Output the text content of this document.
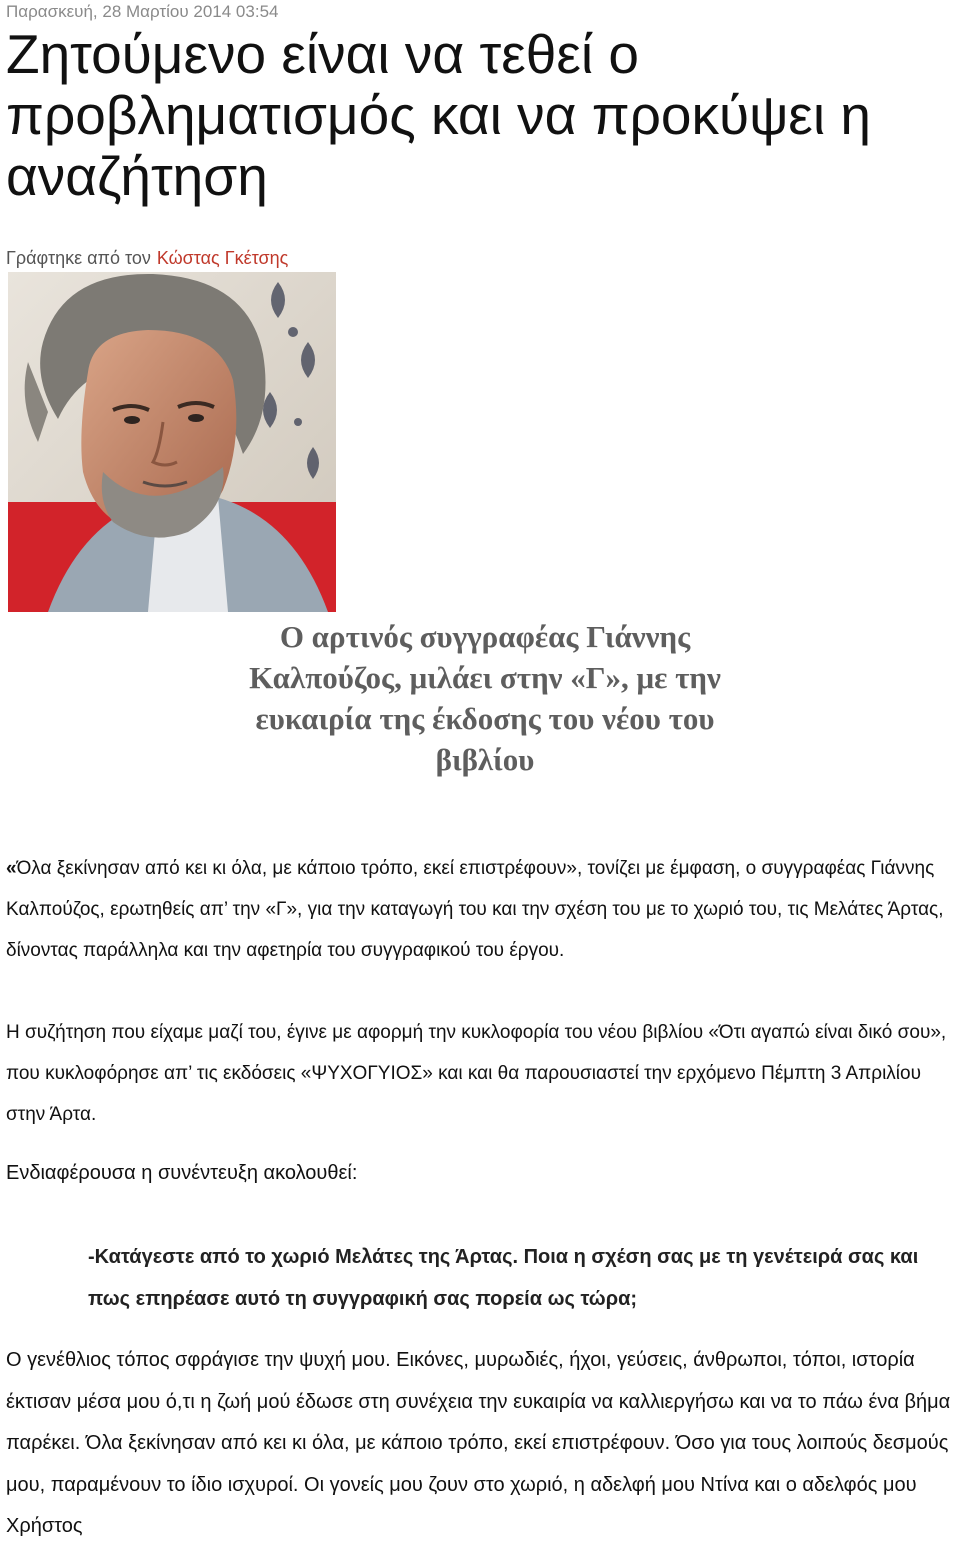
Παρασκευή, 28 Μαρτίου 2014 03:54
Ζητούμενο είναι να τεθεί ο προβληματισμός και να προκύψει η αναζήτηση
Γράφτηκε από τον Κώστας Γκέτσης
Ο αρτινός συγγραφέας Γιάννης Καλπούζος, μιλάει στην «Γ», με την ευκαιρία της έκδοσης του νέου του βιβλίου

«Όλα ξεκίνησαν από κει κι όλα, με κάποιο τρόπο, εκεί επιστρέφουν», τονίζει με έμφαση, ο συγγραφέας Γιάννης Καλπούζος, ερωτηθείς απ’ την «Γ», για την καταγωγή του και την σχέση του με το χωριό του, τις Μελάτες Άρτας, δίνοντας παράλληλα και την αφετηρία του συγγραφικού του έργου.

Η συζήτηση που είχαμε μαζί του, έγινε με αφορμή την κυκλοφορία του νέου βιβλίου «Ότι αγαπώ είναι δικό σου», που κυκλοφόρησε απ’ τις εκδόσεις «ΨΥΧΟΓΥΙΟΣ» και και θα παρουσιαστεί την ερχόμενο Πέμπτη 3 Απριλίου στην Άρτα.

Ενδιαφέρουσα η συνέντευξη ακολουθεί:

-Κατάγεστε από το χωριό Μελάτες της Άρτας. Ποια η σχέση σας με τη γενέτειρά σας και πως επηρέασε αυτό τη συγγραφική σας πορεία ως τώρα;

Ο γενέθλιος τόπος σφράγισε την ψυχή μου. Εικόνες, μυρωδιές, ήχοι, γεύσεις, άνθρωποι, τόποι, ιστορία έκτισαν μέσα μου ό,τι η ζωή μού έδωσε στη συνέχεια την ευκαιρία να καλλιεργήσω και να το πάω ένα βήμα παρέκει. Όλα ξεκίνησαν από κει κι όλα, με κάποιο τρόπο, εκεί επιστρέφουν. Όσο για τους λοιπούς δεσμούς μου, παραμένουν το ίδιο ισχυροί. Οι γονείς μου ζουν στο χωριό, η αδελφή μου Ντίνα και ο αδελφός μου Χρήστος
